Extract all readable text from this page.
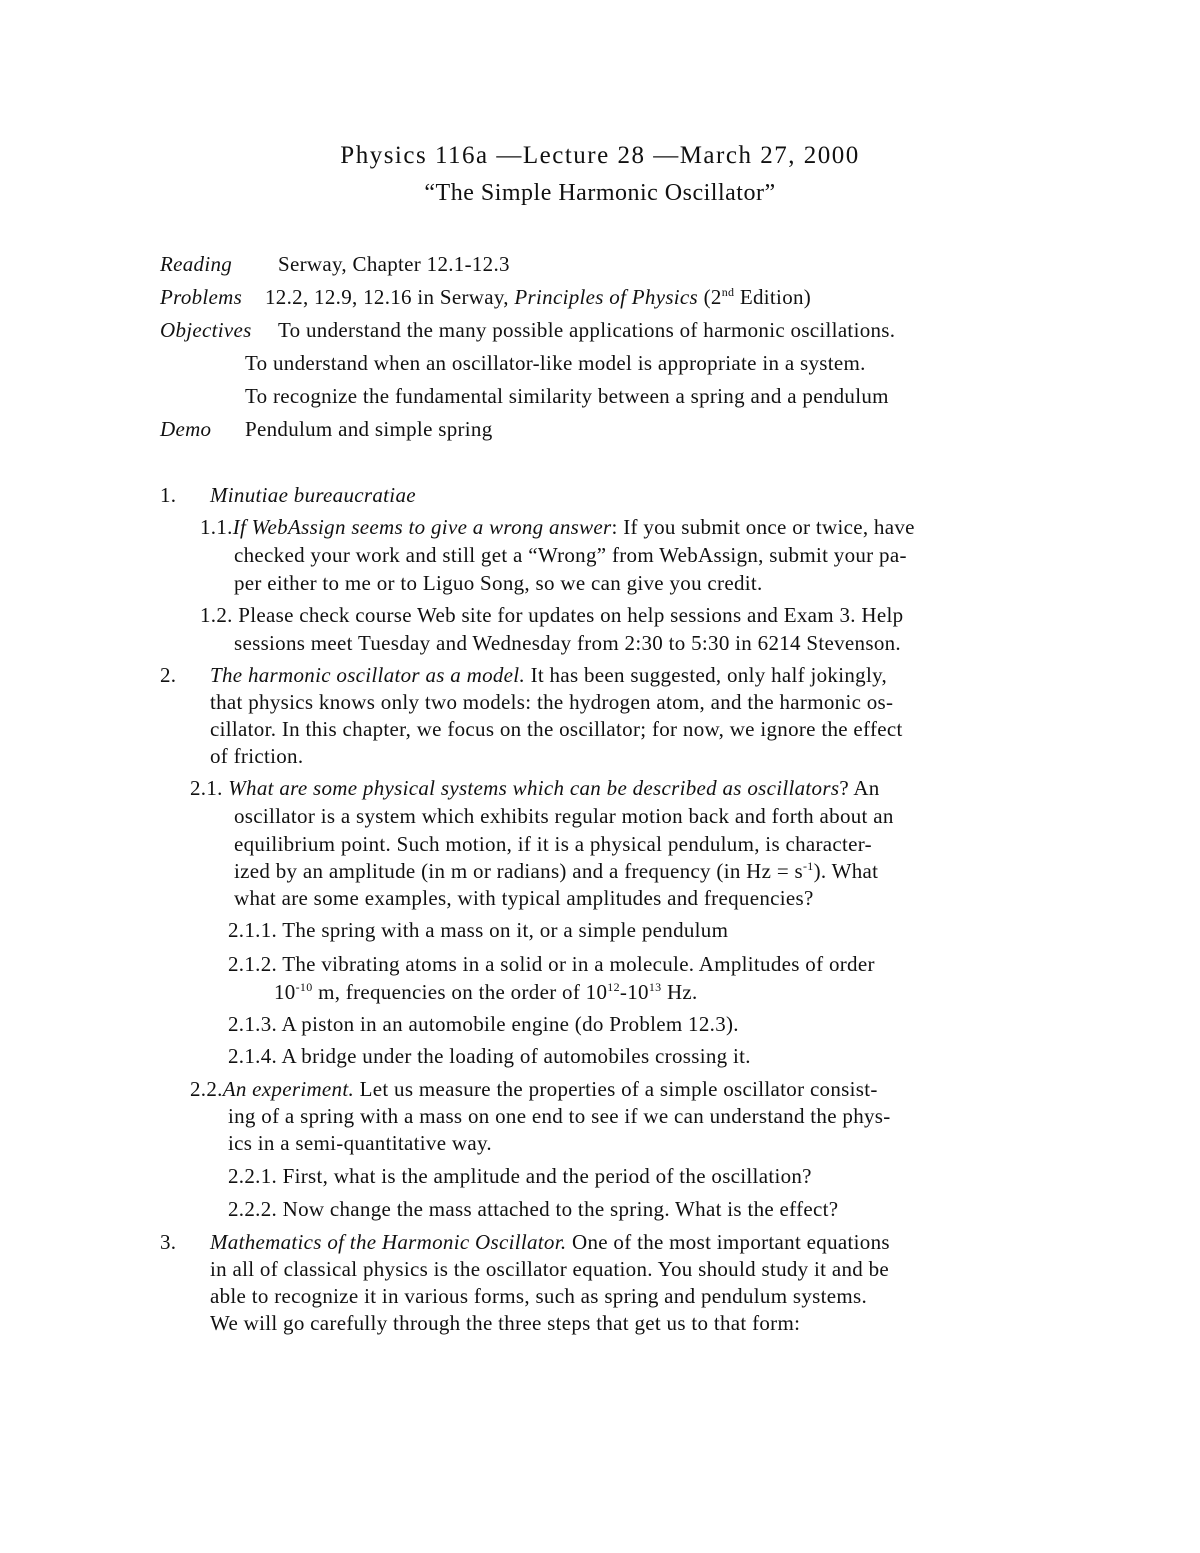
Physics 116a —Lecture 28 —March 27, 2000
“The Simple Harmonic Oscillator”
Reading Serway, Chapter 12.1-12.3
Problems 12.2, 12.9, 12.16 in Serway, Principles of Physics (2nd Edition)
Objectives To understand the many possible applications of harmonic oscillations.
To understand when an oscillator-like model is appropriate in a system.
To recognize the fundamental similarity between a spring and a pendulum
Demo Pendulum and simple spring
1. Minutiae bureaucratiae
1.1.If WebAssign seems to give a wrong answer: If you submit once or twice, have
checked your work and still get a “Wrong” from WebAssign, submit your pa-
per either to me or to Liguo Song, so we can give you credit.
1.2. Please check course Web site for updates on help sessions and Exam 3. Help
sessions meet Tuesday and Wednesday from 2:30 to 5:30 in 6214 Stevenson.
2. The harmonic oscillator as a model. It has been suggested, only half jokingly,
that physics knows only two models: the hydrogen atom, and the harmonic os-
cillator. In this chapter, we focus on the oscillator; for now, we ignore the effect
of friction.
2.1. What are some physical systems which can be described as oscillators? An
oscillator is a system which exhibits regular motion back and forth about an
equilibrium point. Such motion, if it is a physical pendulum, is character-
ized by an amplitude (in m or radians) and a frequency (in $Hz = s^{-1}$). What
what are some examples, with typical amplitudes and frequencies?
2.1.1. The spring with a mass on it, or a simple pendulum
2.1.2. The vibrating atoms in a solid or in a molecule. Amplitudes of order
$10^{-10}$ m, frequencies on the order of $10^{12}-10^{13}$ Hz.
2.1.3. A piston in an automobile engine (do Problem 12.3).
2.1.4. A bridge under the loading of automobiles crossing it.
2.2.An experiment. Let us measure the properties of a simple oscillator consist-
ing of a spring with a mass on one end to see if we can understand the phys-
ics in a semi-quantitative way.
2.2.1. First, what is the amplitude and the period of the oscillation?
2.2.2. Now change the mass attached to the spring. What is the effect?
3. Mathematics of the Harmonic Oscillator. One of the most important equations
in all of classical physics is the oscillator equation. You should study it and be
able to recognize it in various forms, such as spring and pendulum systems.
We will go carefully through the three steps that get us to that form:
